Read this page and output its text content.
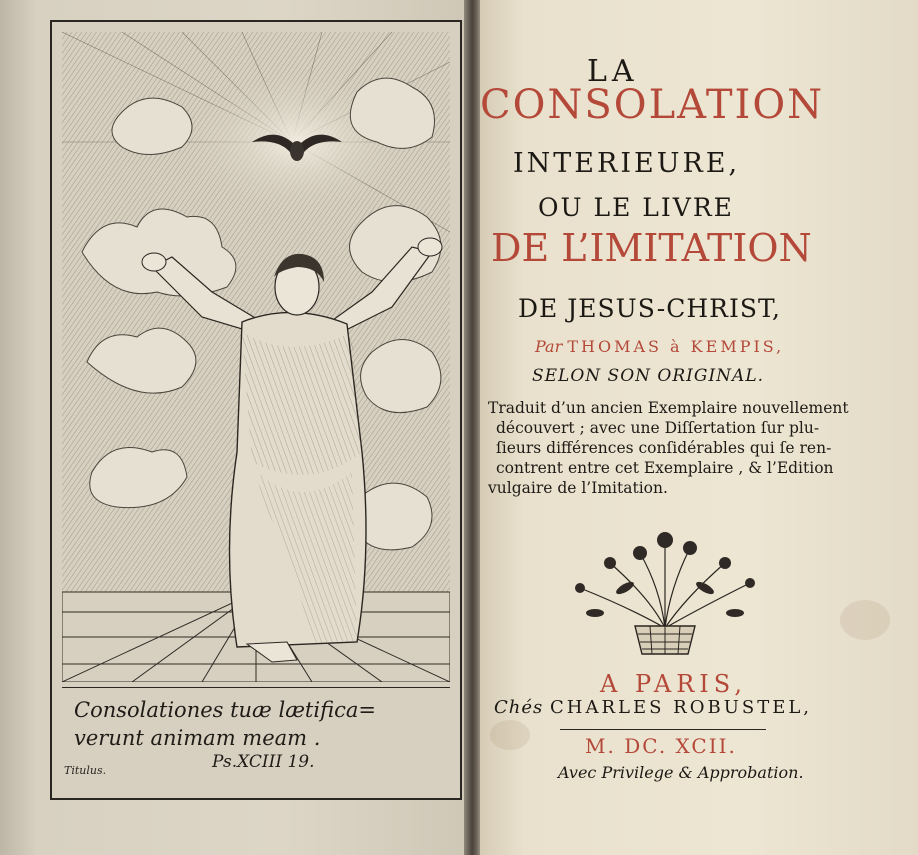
Consolationes tuæ lætifica=
verunt animam meam .
Ps.XCIII 19.
Titulus.
LA
CONSOLATION
INTERIEURE,
OU LE LIVRE
DE L’IMITATION
DE JESUS-CHRIST,
Par THOMAS à KEMPIS,
SELON SON ORIGINAL.
Traduit d’un ancien Exemplaire nouvellement
découvert ; avec une Diſſertation ſur plu-
ſieurs différences conſidérables qui ſe ren-
contrent entre cet Exemplaire , & l’Edition
vulgaire de l’Imitation.
A PARIS,
Chés CHARLES ROBUSTEL,
M. DC. XCII.
Avec Privilege & Approbation.
